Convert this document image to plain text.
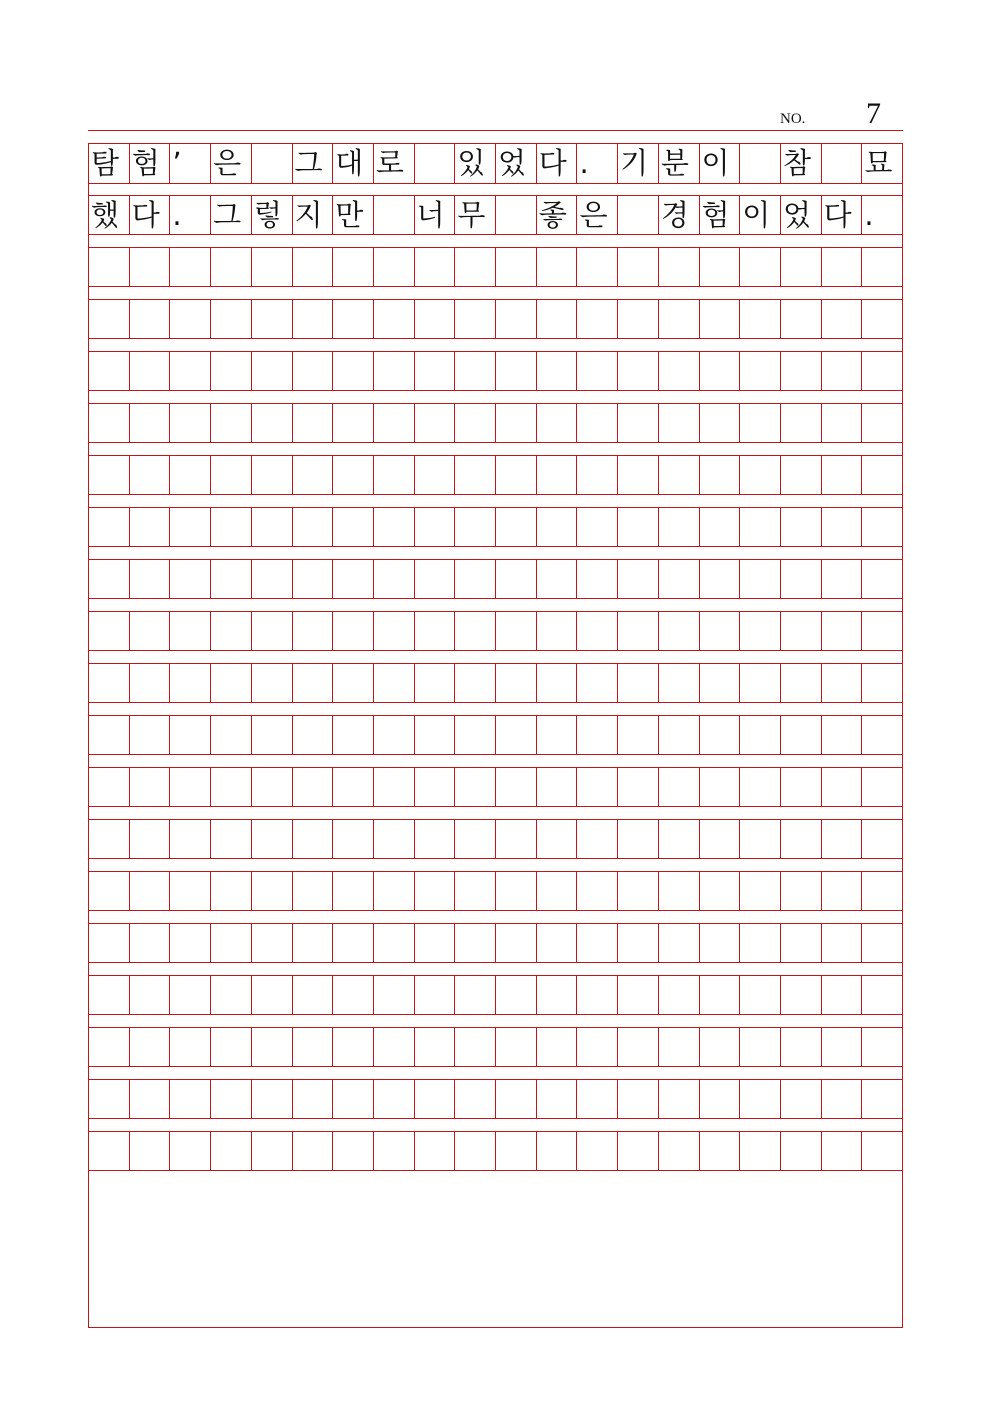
NO. 7
탐 험 ’	은	그 대 로	있 었 다 .	기 분 이	참	묘
했 다 .	그 렇 지 만	너 무	좋 은	경 험 이 었 다 .
